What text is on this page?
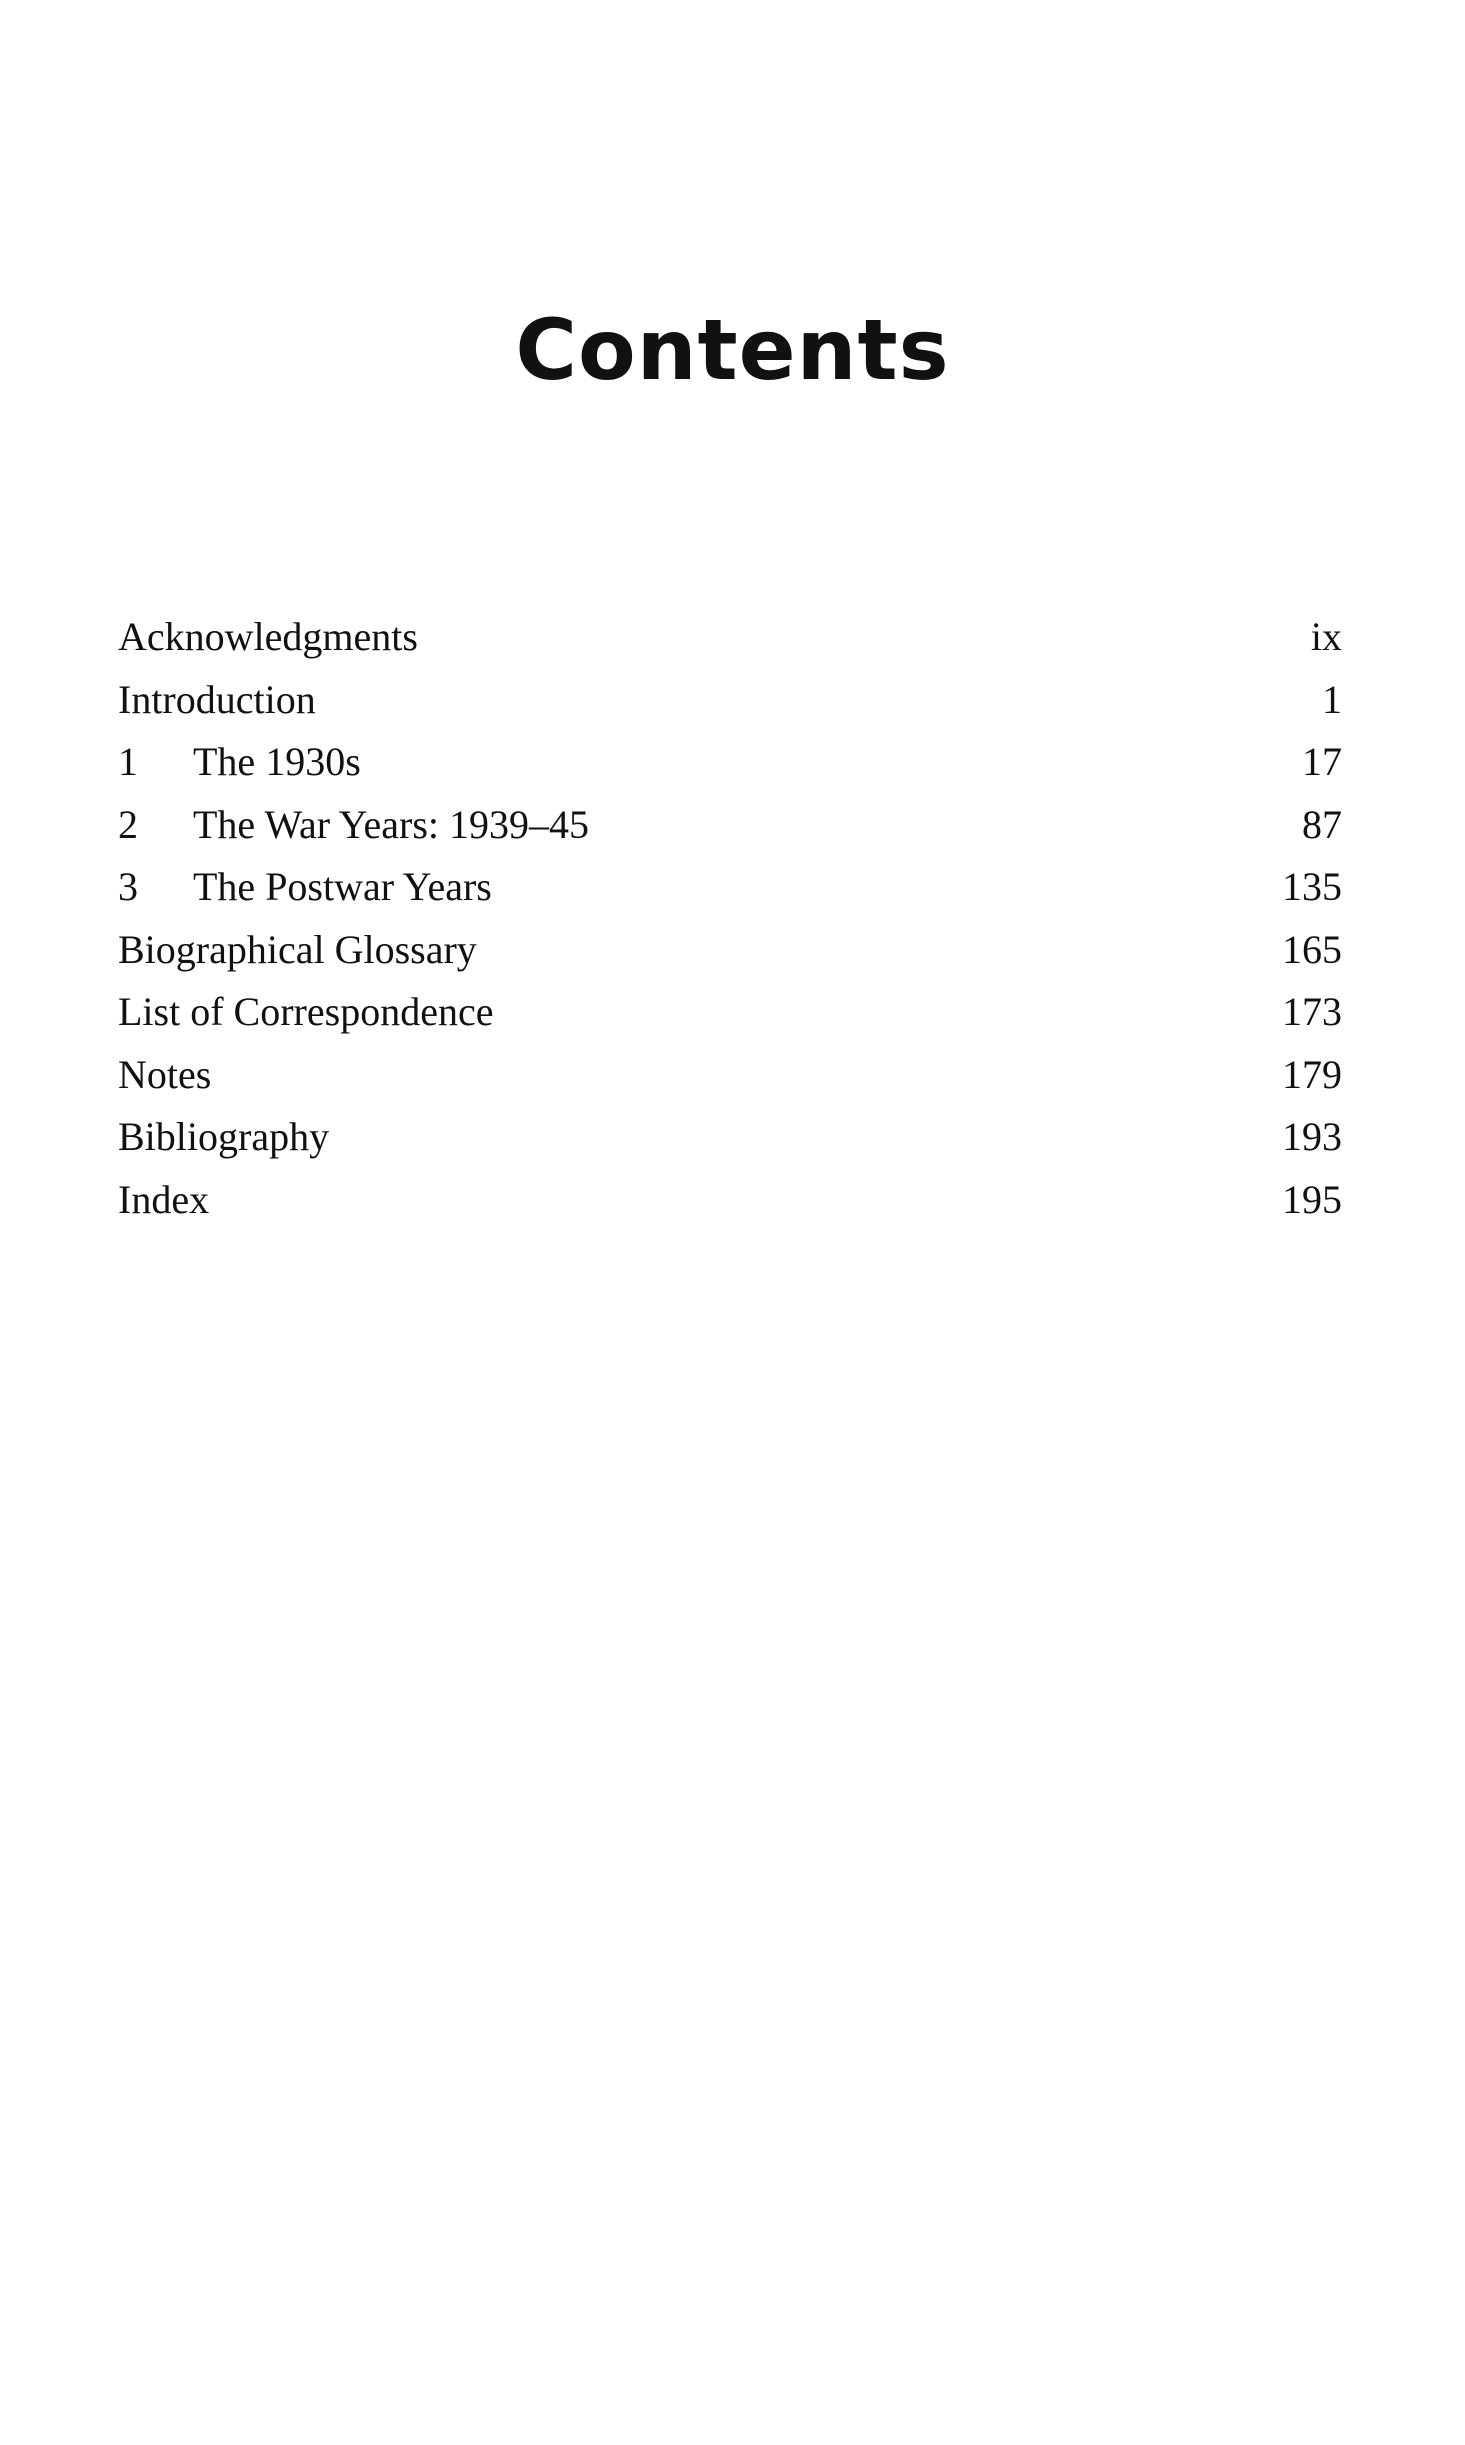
Contents
Acknowledgments	ix
Introduction	1
1	The 1930s	17
2	The War Years: 1939–45	87
3	The Postwar Years	135
Biographical Glossary	165
List of Correspondence	173
Notes	179
Bibliography	193
Index	195
